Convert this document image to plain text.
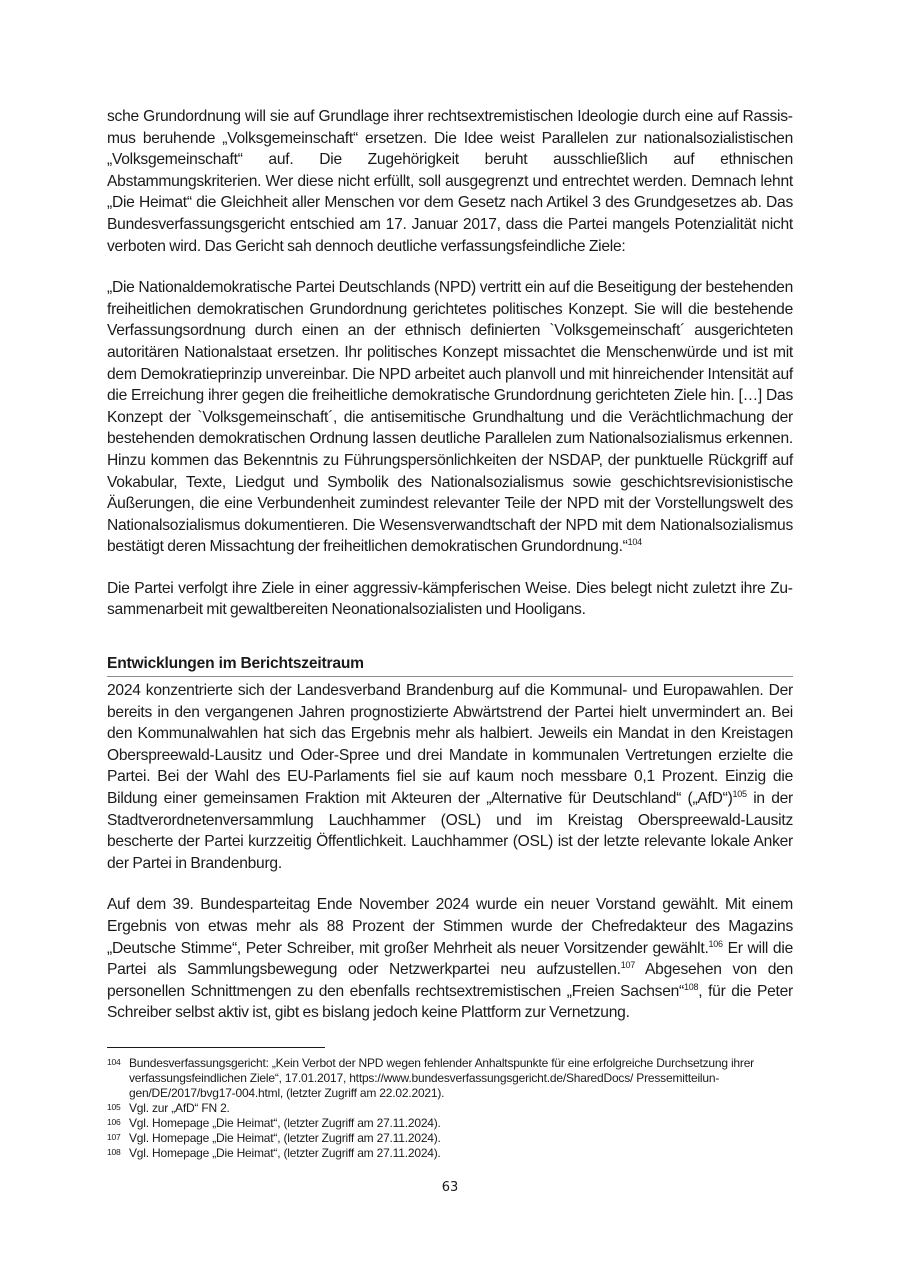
sche Grundordnung will sie auf Grundlage ihrer rechtsextremistischen Ideologie durch eine auf Rassismus beruhende „Volksgemeinschaft“ ersetzen. Die Idee weist Parallelen zur nationalsozialistischen „Volksgemeinschaft“ auf. Die Zugehörigkeit beruht ausschließlich auf ethnischen Abstammungskriterien. Wer diese nicht erfüllt, soll ausgegrenzt und entrechtet werden. Demnach lehnt „Die Heimat“ die Gleichheit aller Menschen vor dem Gesetz nach Artikel 3 des Grundgesetzes ab. Das Bundesverfassungsgericht entschied am 17. Januar 2017, dass die Partei mangels Potenzialität nicht verboten wird. Das Gericht sah dennoch deutliche verfassungsfeindliche Ziele:

„Die Nationaldemokratische Partei Deutschlands (NPD) vertritt ein auf die Beseitigung der bestehenden freiheitlichen demokratischen Grundordnung gerichtetes politisches Konzept. Sie will die bestehende Verfassungsordnung durch einen an der ethnisch definierten `Volksgemeinschaft´ ausgerichteten autoritären Nationalstaat ersetzen. Ihr politisches Konzept missachtet die Menschenwürde und ist mit dem Demokratieprinzip unvereinbar. Die NPD arbeitet auch planvoll und mit hinreichender Intensität auf die Erreichung ihrer gegen die freiheitliche demokratische Grundordnung gerichteten Ziele hin. […] Das Konzept der `Volksgemeinschaft´, die antisemitische Grundhaltung und die Verächtlichmachung der bestehenden demokratischen Ordnung lassen deutliche Parallelen zum Nationalsozialismus erkennen. Hinzu kommen das Bekenntnis zu Führungspersönlichkeiten der NSDAP, der punktuelle Rückgriff auf Vokabular, Texte, Liedgut und Symbolik des Nationalsozialismus sowie geschichtsrevisionistische Äußerungen, die eine Verbundenheit zumindest relevanter Teile der NPD mit der Vorstellungswelt des Nationalsozialismus dokumentieren. Die Wesensverwandtschaft der NPD mit dem Nationalsozialismus bestätigt deren Missachtung der freiheitlichen demokratischen Grundordnung.“$^{104}$

Die Partei verfolgt ihre Ziele in einer aggressiv-kämpferischen Weise. Dies belegt nicht zuletzt ihre Zusammenarbeit mit gewaltbereiten Neonationalsozialisten und Hooligans.

Entwicklungen im Berichtszeitraum

2024 konzentrierte sich der Landesverband Brandenburg auf die Kommunal- und Europawahlen. Der bereits in den vergangenen Jahren prognostizierte Abwärtstrend der Partei hielt unvermindert an. Bei den Kommunalwahlen hat sich das Ergebnis mehr als halbiert. Jeweils ein Mandat in den Kreistagen Oberspreewald-Lausitz und Oder-Spree und drei Mandate in kommunalen Vertretungen erzielte die Partei. Bei der Wahl des EU-Parlaments fiel sie auf kaum noch messbare 0,1 Prozent. Einzig die Bildung einer gemeinsamen Fraktion mit Akteuren der „Alternative für Deutschland“ („AfD“)$^{105}$ in der Stadtverordnetenversammlung Lauchhammer (OSL) und im Kreistag Oberspreewald-Lausitz bescherte der Partei kurzzeitig Öffentlichkeit. Lauchhammer (OSL) ist der letzte relevante lokale Anker der Partei in Brandenburg.

Auf dem 39. Bundesparteitag Ende November 2024 wurde ein neuer Vorstand gewählt. Mit einem Ergebnis von etwas mehr als 88 Prozent der Stimmen wurde der Chefredakteur des Magazins „Deutsche Stimme“, Peter Schreiber, mit großer Mehrheit als neuer Vorsitzender gewählt.$^{106}$ Er will die Partei als Sammlungsbewegung oder Netzwerkpartei neu aufzustellen.$^{107}$ Abgesehen von den personellen Schnittmengen zu den ebenfalls rechtsextremistischen „Freien Sachsen“$^{108}$, für die Peter Schreiber selbst aktiv ist, gibt es bislang jedoch keine Plattform zur Vernetzung.

104 Bundesverfassungsgericht: „Kein Verbot der NPD wegen fehlender Anhaltspunkte für eine erfolgreiche Durchsetzung ihrer verfassungsfeindlichen Ziele“, 17.01.2017, https://www.bundesverfassungsgericht.de/SharedDocs/ Pressemitteilungen/DE/2017/bvg17-004.html, (letzter Zugriff am 22.02.2021).
105 Vgl. zur „AfD“ FN 2.
106 Vgl. Homepage „Die Heimat“, (letzter Zugriff am 27.11.2024).
107 Vgl. Homepage „Die Heimat“, (letzter Zugriff am 27.11.2024).
108 Vgl. Homepage „Die Heimat“, (letzter Zugriff am 27.11.2024).
63
